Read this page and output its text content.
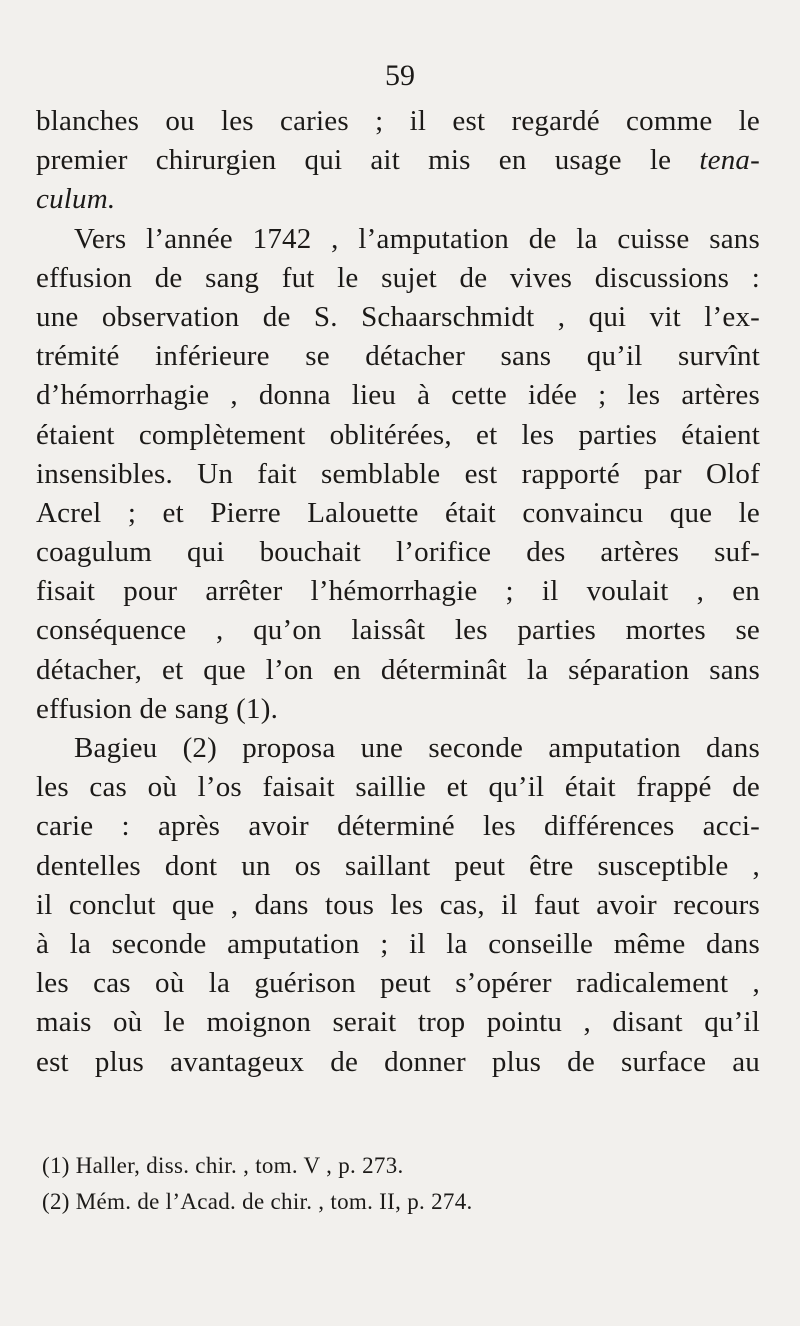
59
blanches ou les caries ; il est regardé comme le
premier chirurgien qui ait mis en usage le tena-
culum.
Vers l’année 1742 , l’amputation de la cuisse sans
effusion de sang fut le sujet de vives discussions :
une observation de S. Schaarschmidt , qui vit l’ex-
trémité inférieure se détacher sans qu’il survînt
d’hémorrhagie , donna lieu à cette idée ; les artères
étaient complètement oblitérées, et les parties étaient
insensibles. Un fait semblable est rapporté par Olof
Acrel ; et Pierre Lalouette était convaincu que le
coagulum qui bouchait l’orifice des artères suf-
fisait pour arrêter l’hémorrhagie ; il voulait , en
conséquence , qu’on laissât les parties mortes se
détacher, et que l’on en déterminât la séparation sans
effusion de sang (1).
Bagieu (2) proposa une seconde amputation dans
les cas où l’os faisait saillie et qu’il était frappé de
carie : après avoir déterminé les différences acci-
dentelles dont un os saillant peut être susceptible ,
il conclut que , dans tous les cas, il faut avoir recours
à la seconde amputation ; il la conseille même dans
les cas où la guérison peut s’opérer radicalement ,
mais où le moignon serait trop pointu , disant qu’il
est plus avantageux de donner plus de surface au
(1) Haller, diss. chir. , tom. V , p. 273.
(2) Mém. de l’Acad. de chir. , tom. II, p. 274.
